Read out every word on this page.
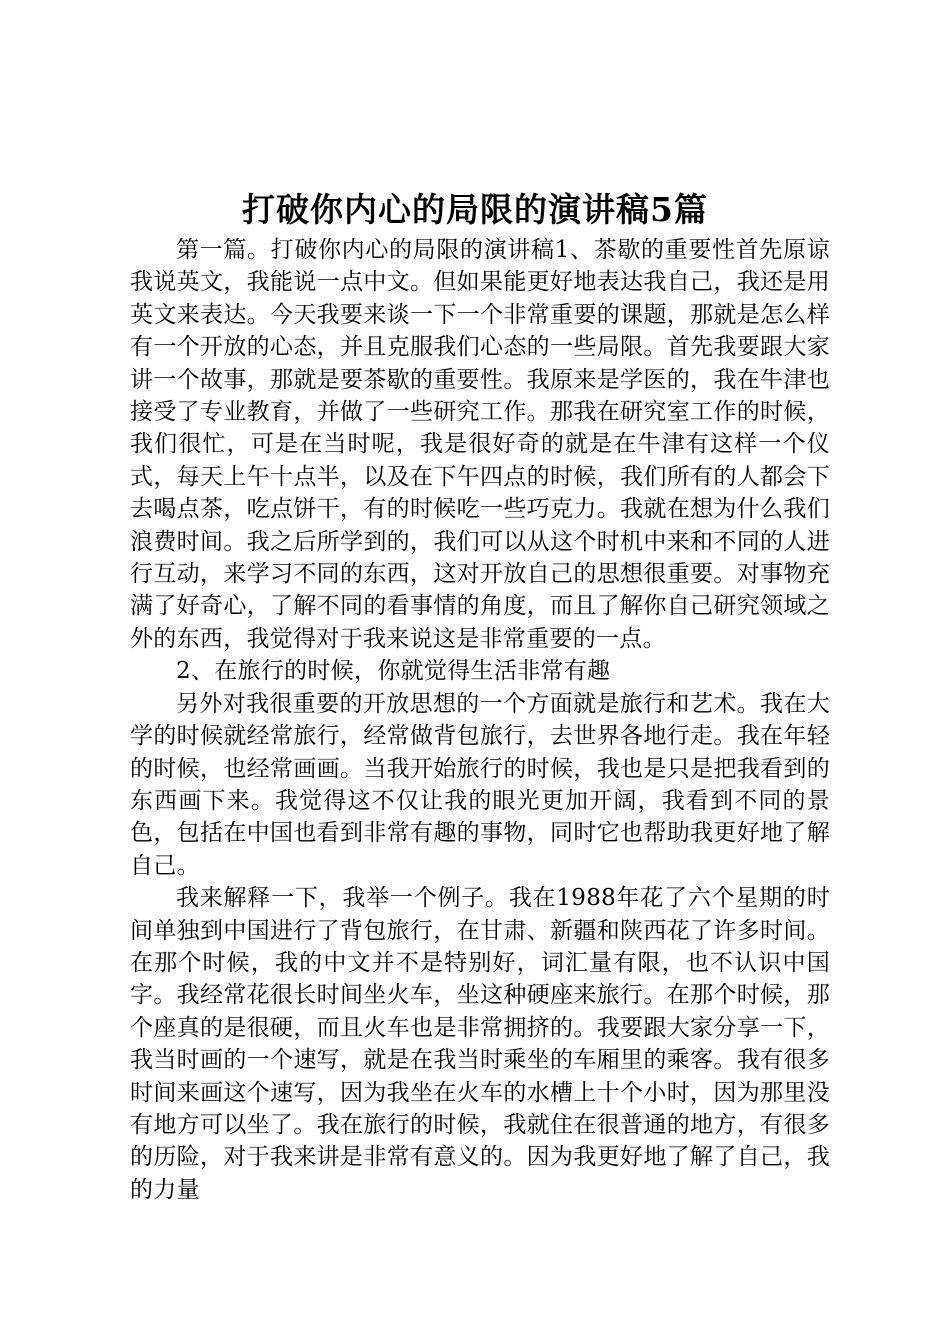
打破你内心的局限的演讲稿5篇

第一篇。打破你内心的局限的演讲稿1、茶歇的重要性首先原谅我说英文，我能说一点中文。但如果能更好地表达我自己，我还是用英文来表达。今天我要来谈一下一个非常重要的课题，那就是怎么样有一个开放的心态，并且克服我们心态的一些局限。首先我要跟大家讲一个故事，那就是要茶歇的重要性。我原来是学医的，我在牛津也接受了专业教育，并做了一些研究工作。那我在研究室工作的时候，我们很忙，可是在当时呢，我是很好奇的就是在牛津有这样一个仪式，每天上午十点半，以及在下午四点的时候，我们所有的人都会下去喝点茶，吃点饼干，有的时候吃一些巧克力。我就在想为什么我们浪费时间。我之后所学到的，我们可以从这个时机中来和不同的人进行互动，来学习不同的东西，这对开放自己的思想很重要。对事物充满了好奇心，了解不同的看事情的角度，而且了解你自己研究领域之外的东西，我觉得对于我来说这是非常重要的一点。

2、在旅行的时候，你就觉得生活非常有趣

另外对我很重要的开放思想的一个方面就是旅行和艺术。我在大学的时候就经常旅行，经常做背包旅行，去世界各地行走。我在年轻的时候，也经常画画。当我开始旅行的时候，我也是只是把我看到的东西画下来。我觉得这不仅让我的眼光更加开阔，我看到不同的景色，包括在中国也看到非常有趣的事物，同时它也帮助我更好地了解自己。

我来解释一下，我举一个例子。我在1988年花了六个星期的时间单独到中国进行了背包旅行，在甘肃、新疆和陕西花了许多时间。在那个时候，我的中文并不是特别好，词汇量有限，也不认识中国字。我经常花很长时间坐火车，坐这种硬座来旅行。在那个时候，那个座真的是很硬，而且火车也是非常拥挤的。我要跟大家分享一下，我当时画的一个速写，就是在我当时乘坐的车厢里的乘客。我有很多时间来画这个速写，因为我坐在火车的水槽上十个小时，因为那里没有地方可以坐了。我在旅行的时候，我就住在很普通的地方，有很多的历险，对于我来讲是非常有意义的。因为我更好地了解了自己，我的力量
